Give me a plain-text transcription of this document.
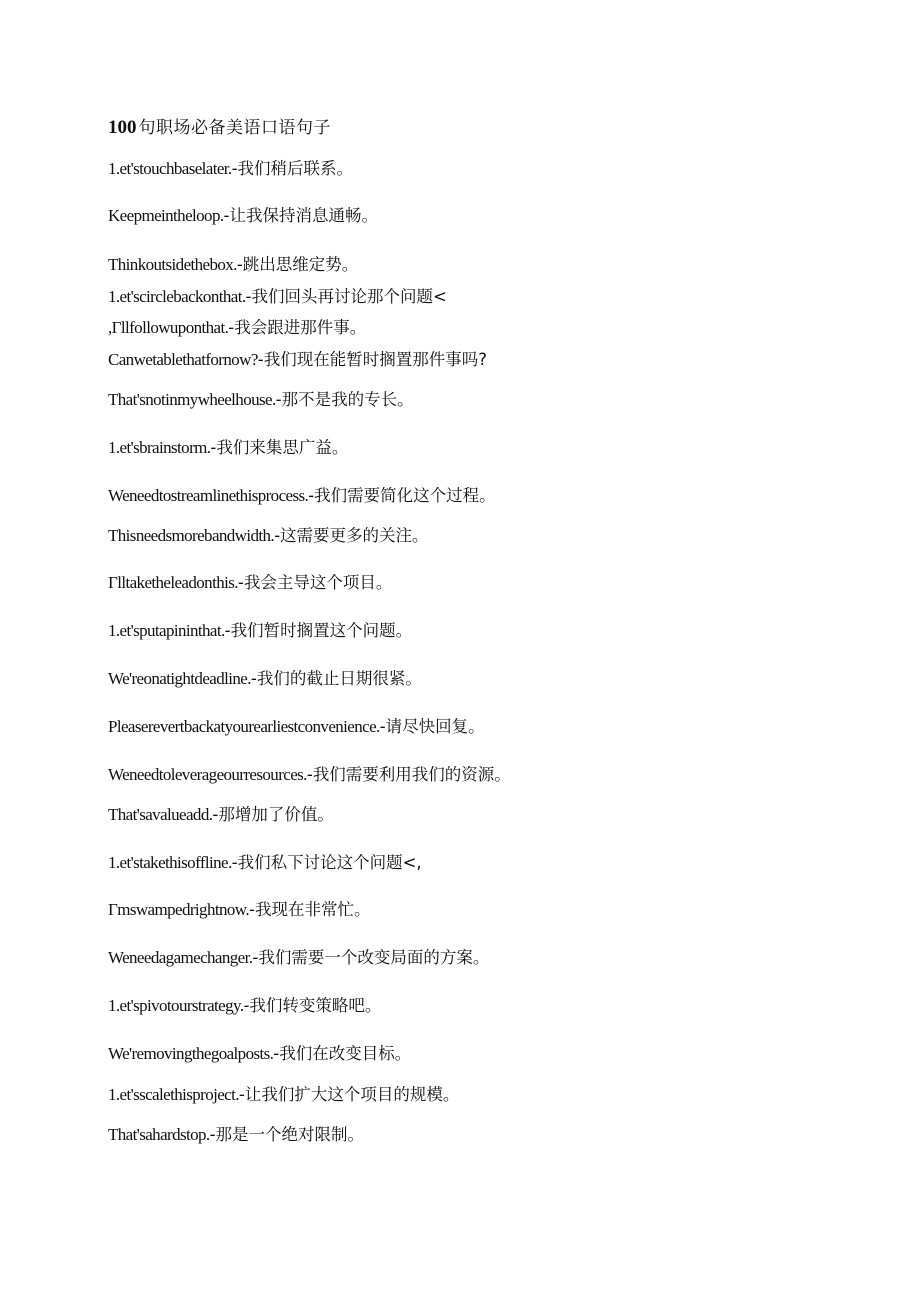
100 句职场必备美语口语句子
1.et'stouchbaselater.-我们稍后联系。
Keepmeintheloop.-让我保持消息通畅。
Thinkoutsidethebox.-跳出思维定势。
1.et'scirclebackonthat.-我们回头再讨论那个问题<
,Γllfollowuponthat.-我会跟进那件事。
Canwetablethatfornow?-我们现在能暂时搁置那件事吗?
That'snotinmywheelhouse.-那不是我的专长。
1.et'sbrainstorm.-我们来集思广益。
Weneedtostreamlinethisprocess.-我们需要简化这个过程。
Thisneedsmorebandwidth.-这需要更多的关注。
Γlltaketheleadonthis.-我会主导这个项目。
1.et'sputapininthat.-我们暂时搁置这个问题。
We'reonatightdeadline.-我们的截止日期很紧。
Pleaserevertbackatyourearliestconvenience.-请尽快回复。
Weneedtoleverageourresources.-我们需要利用我们的资源。
That'savalueadd.-那增加了价值。
1.et'stakethisoffline.-我们私下讨论这个问题<,
Γmswampedrightnow.-我现在非常忙。
Weneedagamechanger.-我们需要一个改变局面的方案。
1.et'spivotourstrategy.-我们转变策略吧。
We'removingthegoalposts.-我们在改变目标。
1.et'sscalethisproject.-让我们扩大这个项目的规模。
That'sahardstop.-那是一个绝对限制。
